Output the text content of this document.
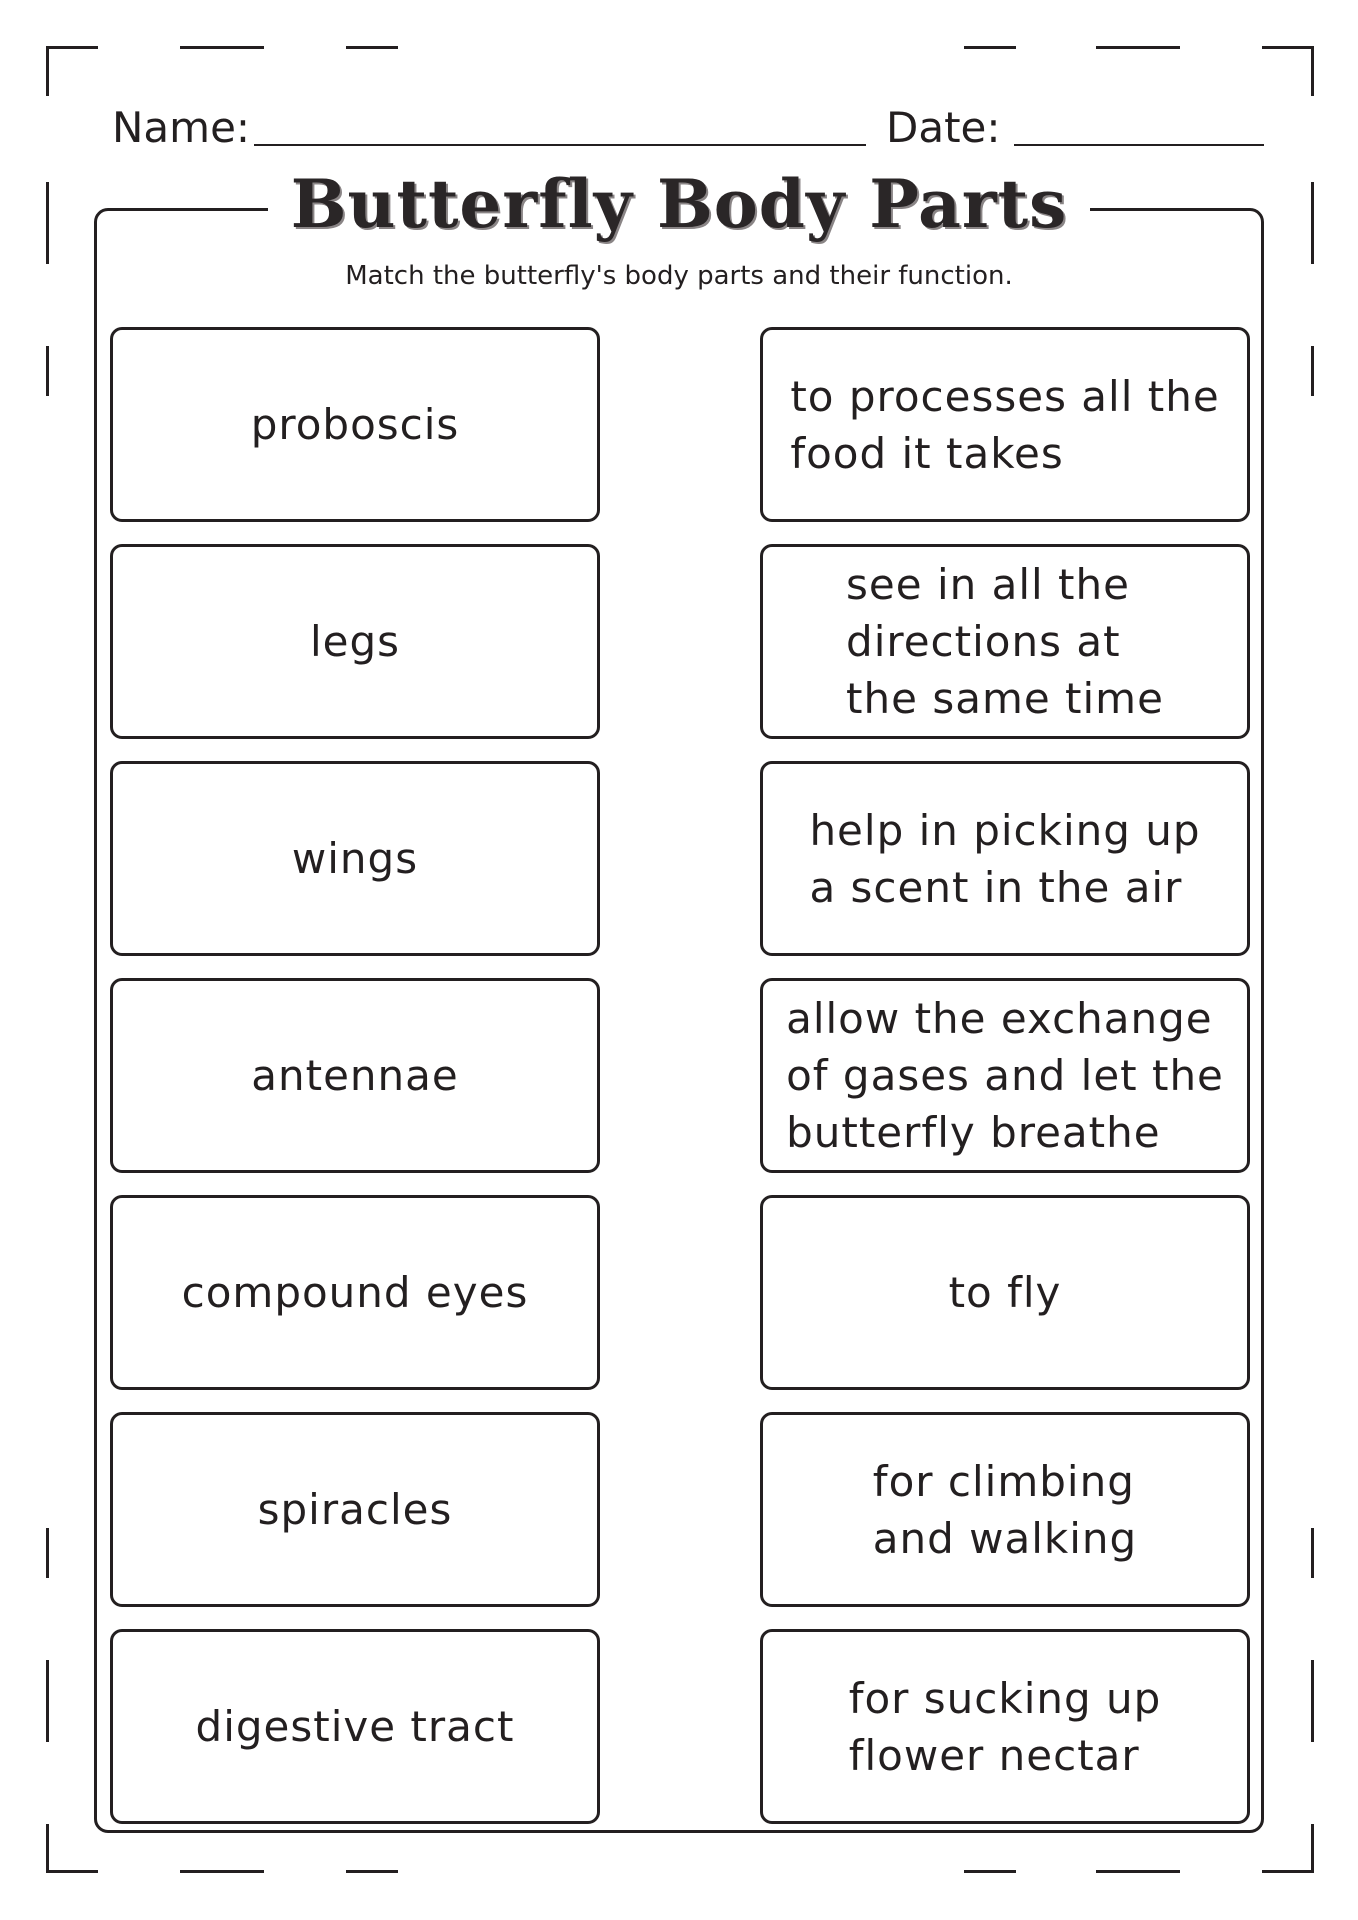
Name:	Date:
Butterfly Body Parts
Match the butterfly's body parts and their function.
proboscis
legs
wings
antennae
compound eyes
spiracles
digestive tract
to processes all the
food it takes
see in all the
directions at
the same time
help in picking up
a scent in the air
allow the exchange
of gases and let the
butterfly breathe
to fly
for climbing
and walking
for sucking up
flower nectar
